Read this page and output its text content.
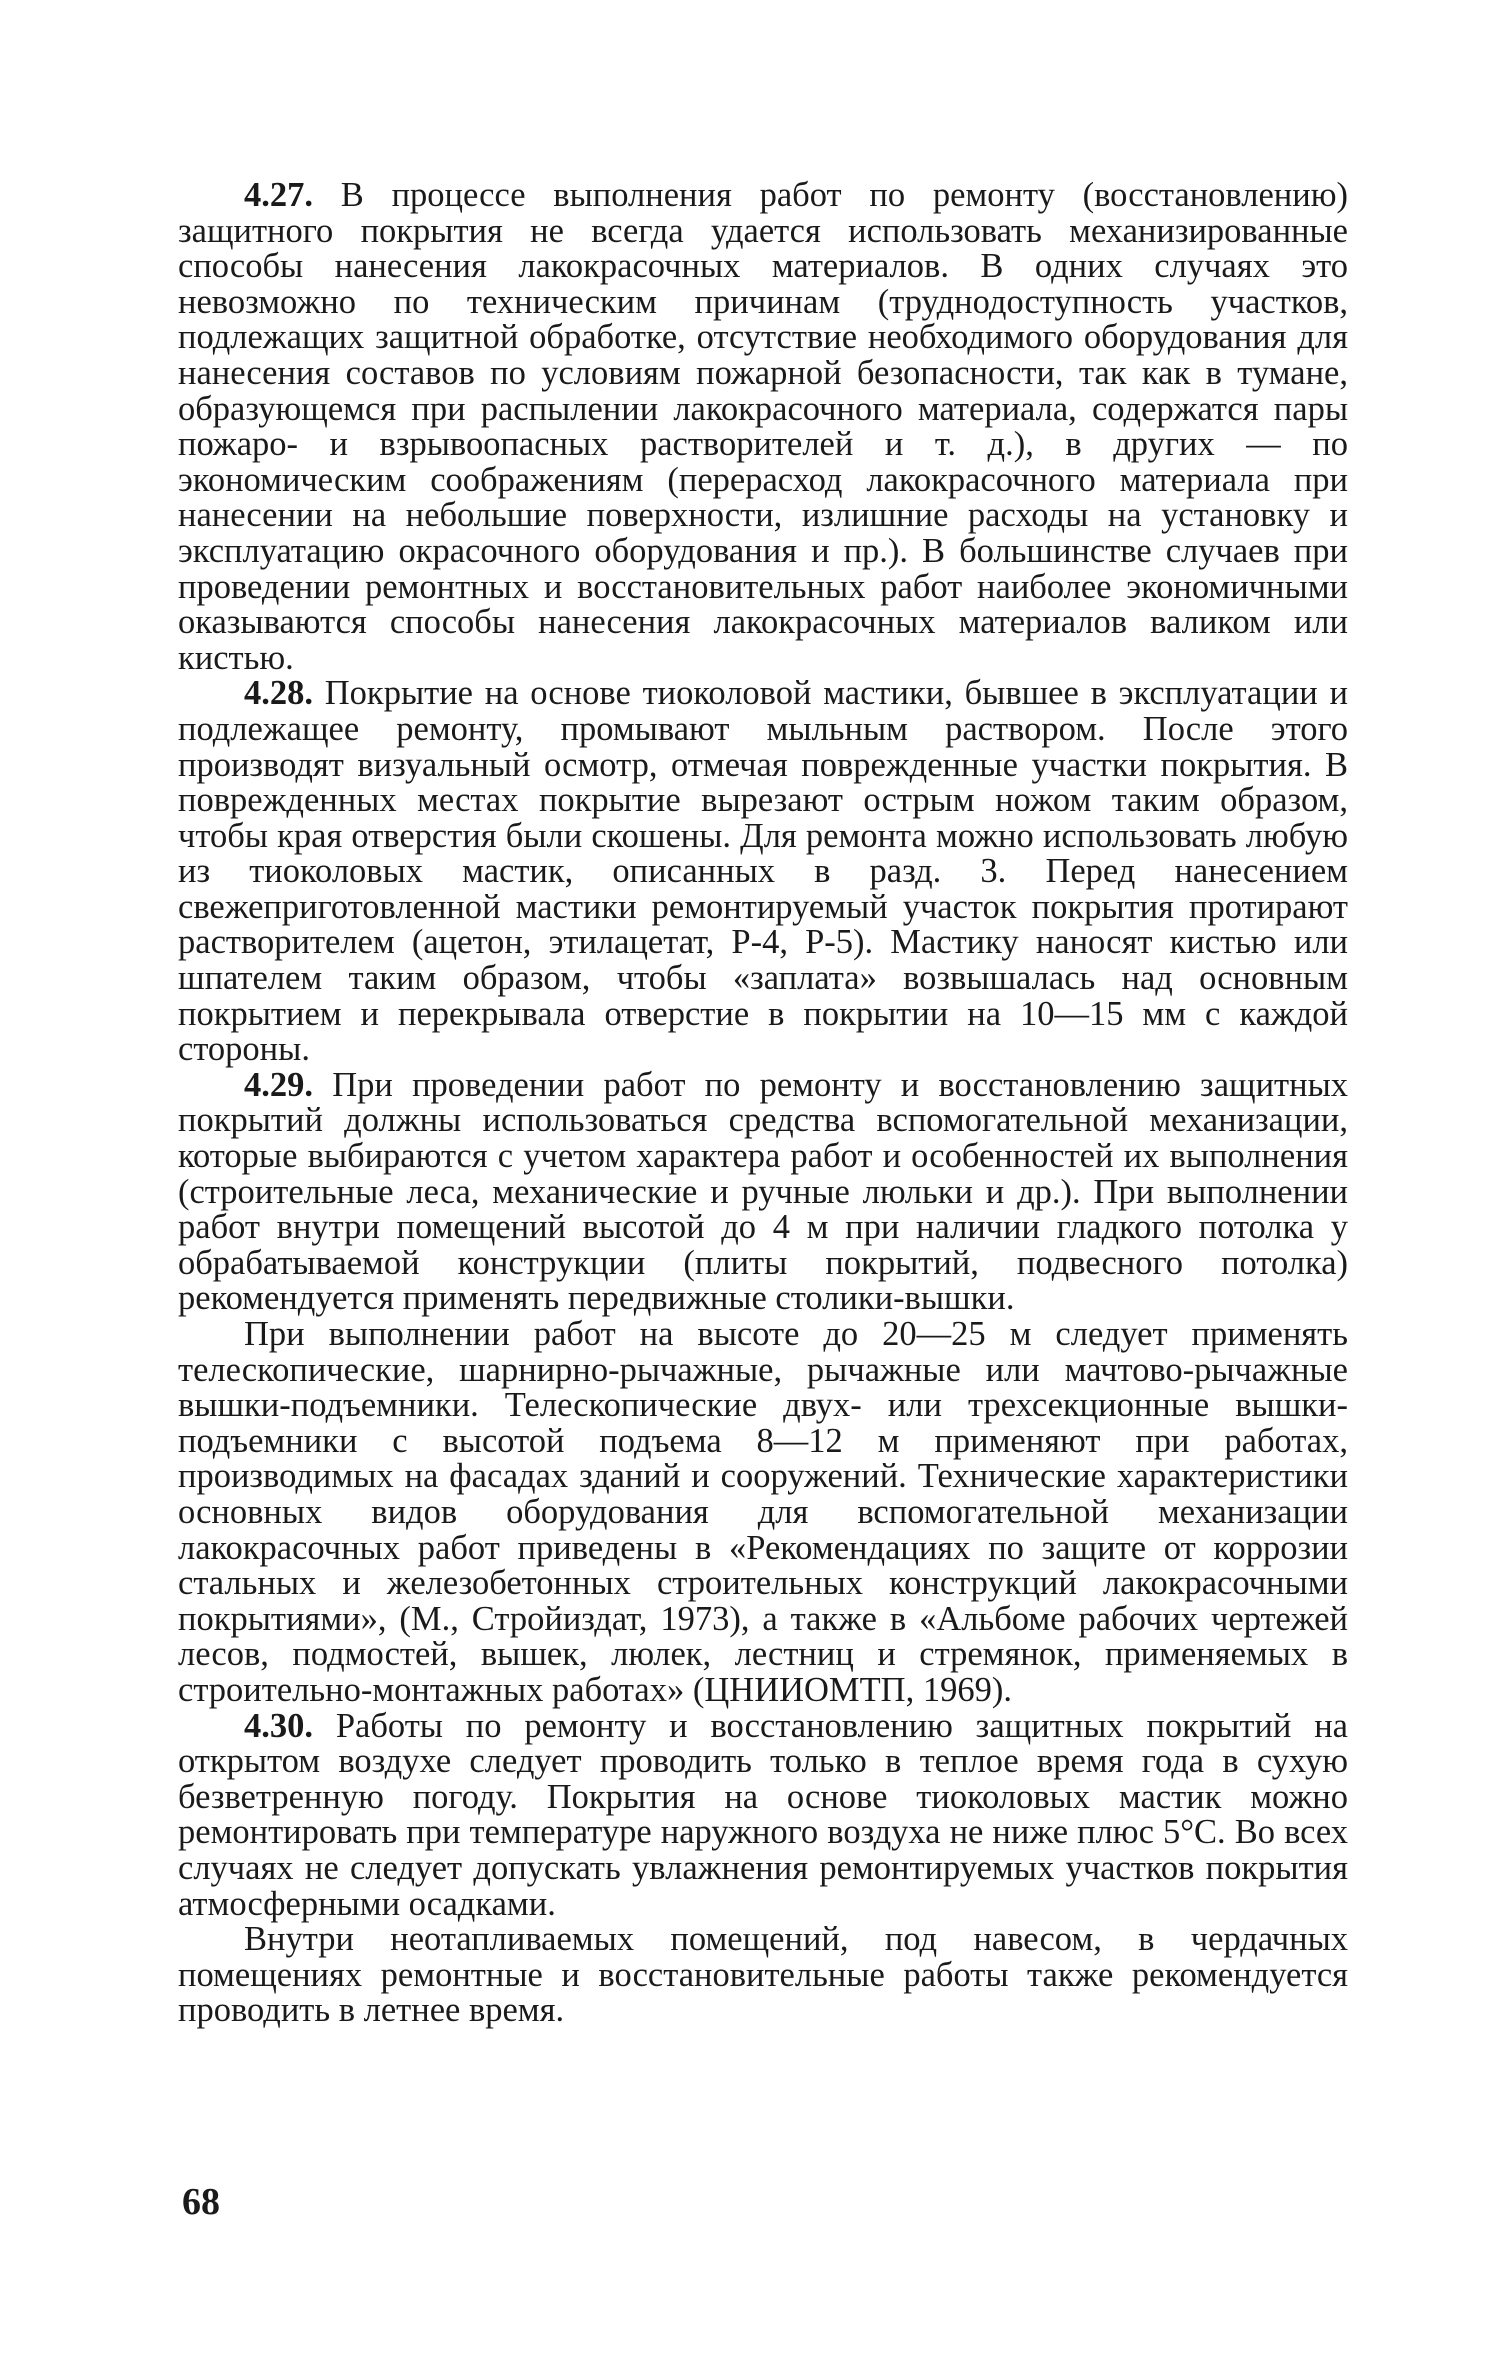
4.27. В процессе выполнения работ по ремонту (восстановлению) защитного покрытия не всегда удается использовать механизированные способы нанесения лакокрасочных материалов. В одних случаях это невозможно по техническим причинам (труднодоступность участков, подлежащих защитной обработке, отсутствие необходимого оборудования для нанесения составов по условиям пожарной безопасности, так как в тумане, образующемся при распылении лакокрасочного материала, содержатся пары пожаро- и взрывоопасных растворителей и т. д.), в других — по экономическим соображениям (перерасход лакокрасочного материала при нанесении на небольшие поверхности, излишние расходы на установку и эксплуатацию окрасочного оборудования и пр.). В большинстве случаев при проведении ремонтных и восстановительных работ наиболее экономичными оказываются способы нанесения лакокрасочных материалов валиком или кистью.

4.28. Покрытие на основе тиоколовой мастики, бывшее в эксплуатации и подлежащее ремонту, промывают мыльным раствором. После этого производят визуальный осмотр, отмечая поврежденные участки покрытия. В поврежденных местах покрытие вырезают острым ножом таким образом, чтобы края отверстия были скошены. Для ремонта можно использовать любую из тиоколовых мастик, описанных в разд. 3. Перед нанесением свежеприготовленной мастики ремонтируемый участок покрытия протирают растворителем (ацетон, этилацетат, Р-4, Р-5). Мастику наносят кистью или шпателем таким образом, чтобы «заплата» возвышалась над основным покрытием и перекрывала отверстие в покрытии на 10—15 мм с каждой стороны.

4.29. При проведении работ по ремонту и восстановлению защитных покрытий должны использоваться средства вспомогательной механизации, которые выбираются с учетом характера работ и особенностей их выполнения (строительные леса, механические и ручные люльки и др.). При выполнении работ внутри помещений высотой до 4 м при наличии гладкого потолка у обрабатываемой конструкции (плиты покрытий, подвесного потолка) рекомендуется применять передвижные столики-вышки.

При выполнении работ на высоте до 20—25 м следует применять телескопические, шарнирно-рычажные, рычажные или мачтово-рычажные вышки-подъемники. Телескопические двух- или трехсекционные вышки-подъемники с высотой подъема 8—12 м применяют при работах, производимых на фасадах зданий и сооружений. Технические характеристики основных видов оборудования для вспомогательной механизации лакокрасочных работ приведены в «Рекомендациях по защите от коррозии стальных и железобетонных строительных конструкций лакокрасочными покрытиями», (М., Стройиздат, 1973), а также в «Альбоме рабочих чертежей лесов, подмостей, вышек, люлек, лестниц и стремянок, применяемых в строительно-монтажных работах» (ЦНИИОМТП, 1969).

4.30. Работы по ремонту и восстановлению защитных покрытий на открытом воздухе следует проводить только в теплое время года в сухую безветренную погоду. Покрытия на основе тиоколовых мастик можно ремонтировать при температуре наружного воздуха не ниже плюс 5°С. Во всех случаях не следует допускать увлажнения ремонтируемых участков покрытия атмосферными осадками.

Внутри неотапливаемых помещений, под навесом, в чердачных помещениях ремонтные и восстановительные работы также рекомендуется проводить в летнее время.

68
